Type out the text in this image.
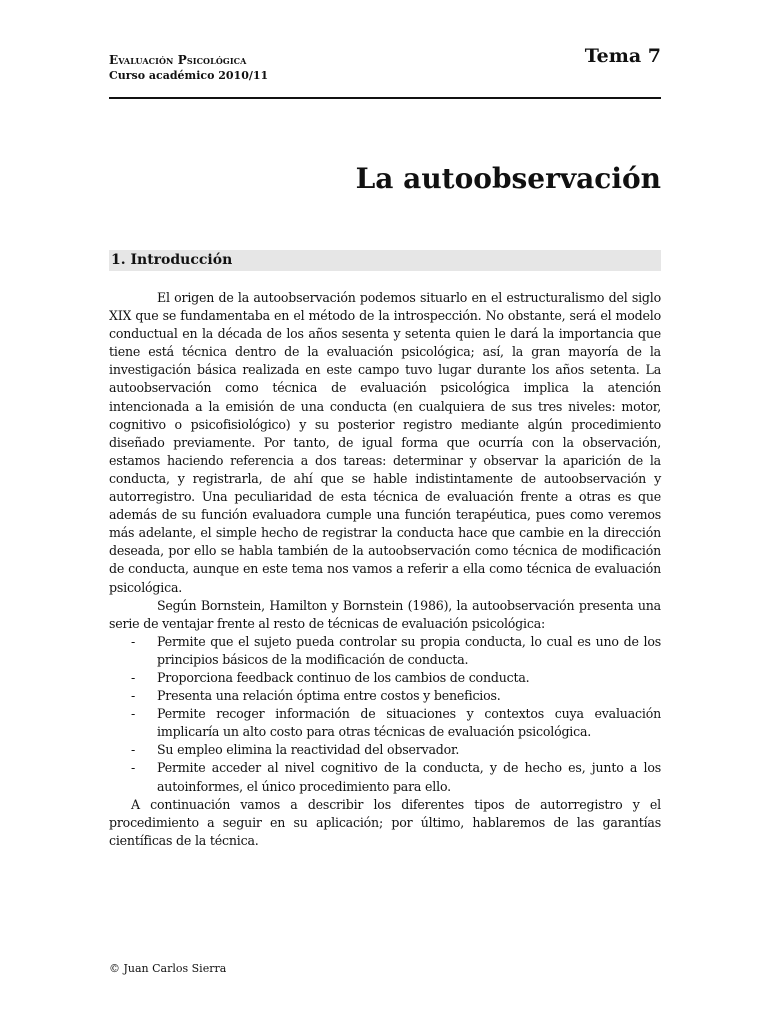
Evaluación Psicológica
Curso académico 2010/11
Tema 7
La autoobservación
1. Introducción

El origen de la autoobservación podemos situarlo en el estructuralismo del siglo XIX que se fundamentaba en el método de la introspección. No obstante, será el modelo conductual en la década de los años sesenta y setenta quien le dará la importancia que tiene está técnica dentro de la evaluación psicológica; así, la gran mayoría de la investigación básica realizada en este campo tuvo lugar durante los años setenta. La autoobservación como técnica de evaluación psicológica implica la atención intencionada a la emisión de una conducta (en cualquiera de sus tres niveles: motor, cognitivo o psicofisiológico) y su posterior registro mediante algún procedimiento diseñado previamente. Por tanto, de igual forma que ocurría con la observación, estamos haciendo referencia a dos tareas: determinar y observar la aparición de la conducta, y registrarla, de ahí que se hable indistintamente de autoobservación y autorregistro. Una peculiaridad de esta técnica de evaluación frente a otras es que además de su función evaluadora cumple una función terapéutica, pues como veremos más adelante, el simple hecho de registrar la conducta hace que cambie en la dirección deseada, por ello se habla también de la autoobservación como técnica de modificación de conducta, aunque en este tema nos vamos a referir a ella como técnica de evaluación psicológica.

Según Bornstein, Hamilton y Bornstein (1986), la autoobservación presenta una serie de ventajar frente al resto de técnicas de evaluación psicológica:

- Permite que el sujeto pueda controlar su propia conducta, lo cual es uno de los principios básicos de la modificación de conducta.
- Proporciona feedback continuo de los cambios de conducta.
- Presenta una relación óptima entre costos y beneficios.
- Permite recoger información de situaciones y contextos cuya evaluación implicaría un alto costo para otras técnicas de evaluación psicológica.
- Su empleo elimina la reactividad del observador.
- Permite acceder al nivel cognitivo de la conducta, y de hecho es, junto a los autoinformes, el único procedimiento para ello.

A continuación vamos a describir los diferentes tipos de autorregistro y el procedimiento a seguir en su aplicación; por último, hablaremos de las garantías científicas de la técnica.

© Juan Carlos Sierra
